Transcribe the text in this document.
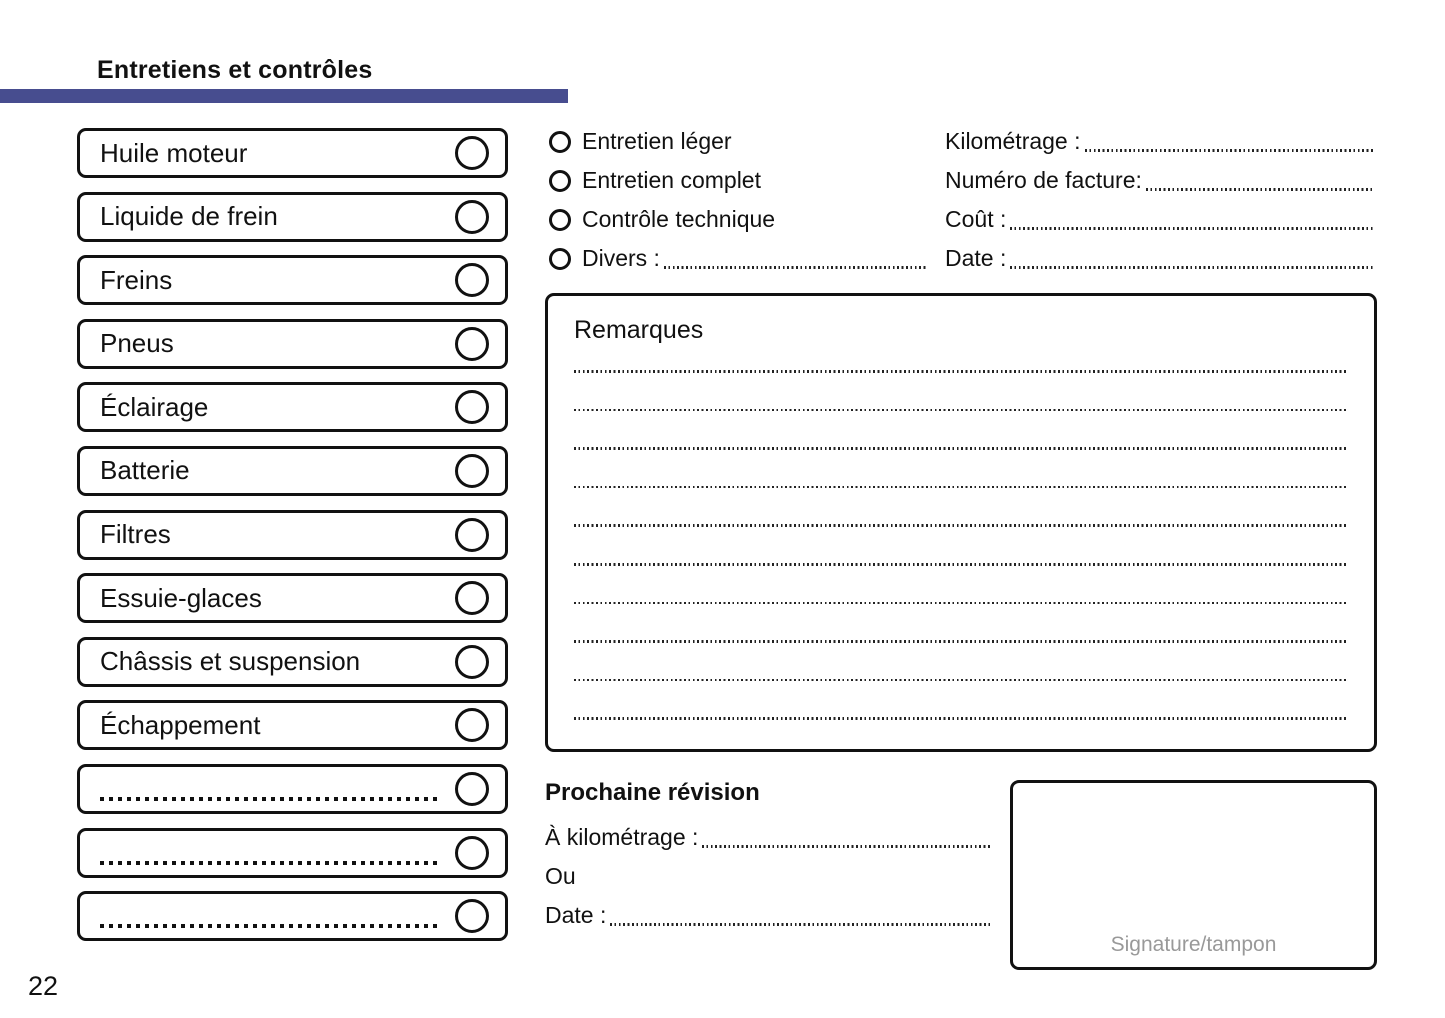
Entretiens et contrôles
Huile moteur
Liquide de frein
Freins
Pneus
Éclairage
Batterie
Filtres
Essuie-glaces
Châssis et suspension
Échappement
Entretien léger
Entretien complet
Contrôle technique
Divers :
Kilométrage :
Numéro de facture:
Coût :
Date :
Remarques
Prochaine révision
À kilométrage :
Ou
Date :
Signature/tampon
22
